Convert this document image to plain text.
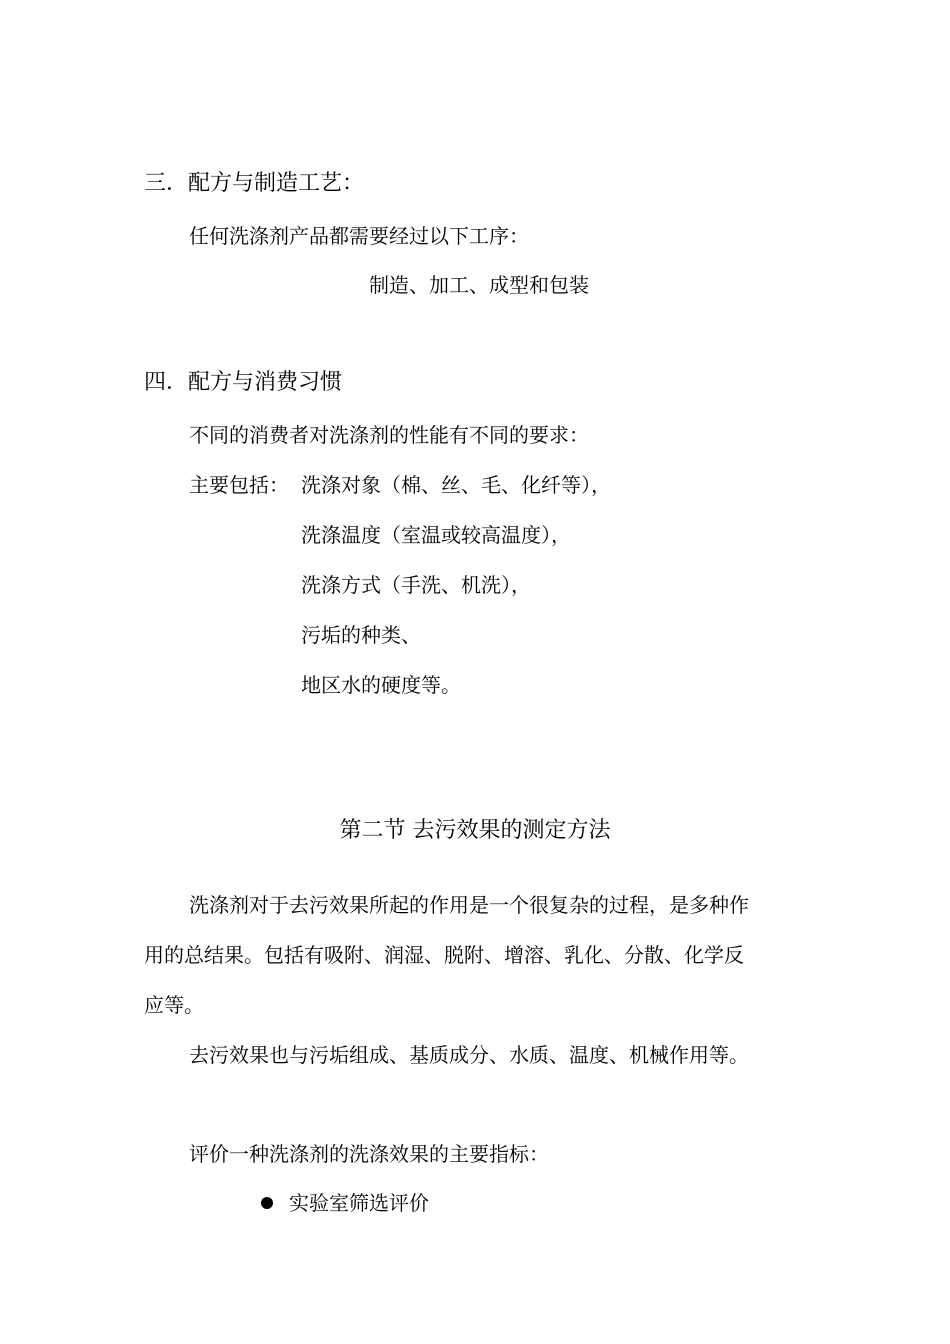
三．配方与制造工艺：
任何洗涤剂产品都需要经过以下工序：
制造、加工、成型和包装
四．配方与消费习惯
不同的消费者对洗涤剂的性能有不同的要求：
主要包括： 洗涤对象（棉、丝、毛、化纤等），
洗涤温度（室温或较高温度），
洗涤方式（手洗、机洗），
污垢的种类、
地区水的硬度等。
第二节 去污效果的测定方法
洗涤剂对于去污效果所起的作用是一个很复杂的过程，是多种作
用的总结果。包括有吸附、润湿、脱附、增溶、乳化、分散、化学反
应等。
去污效果也与污垢组成、基质成分、水质、温度、机械作用等。
评价一种洗涤剂的洗涤效果的主要指标：
实验室筛选评价
